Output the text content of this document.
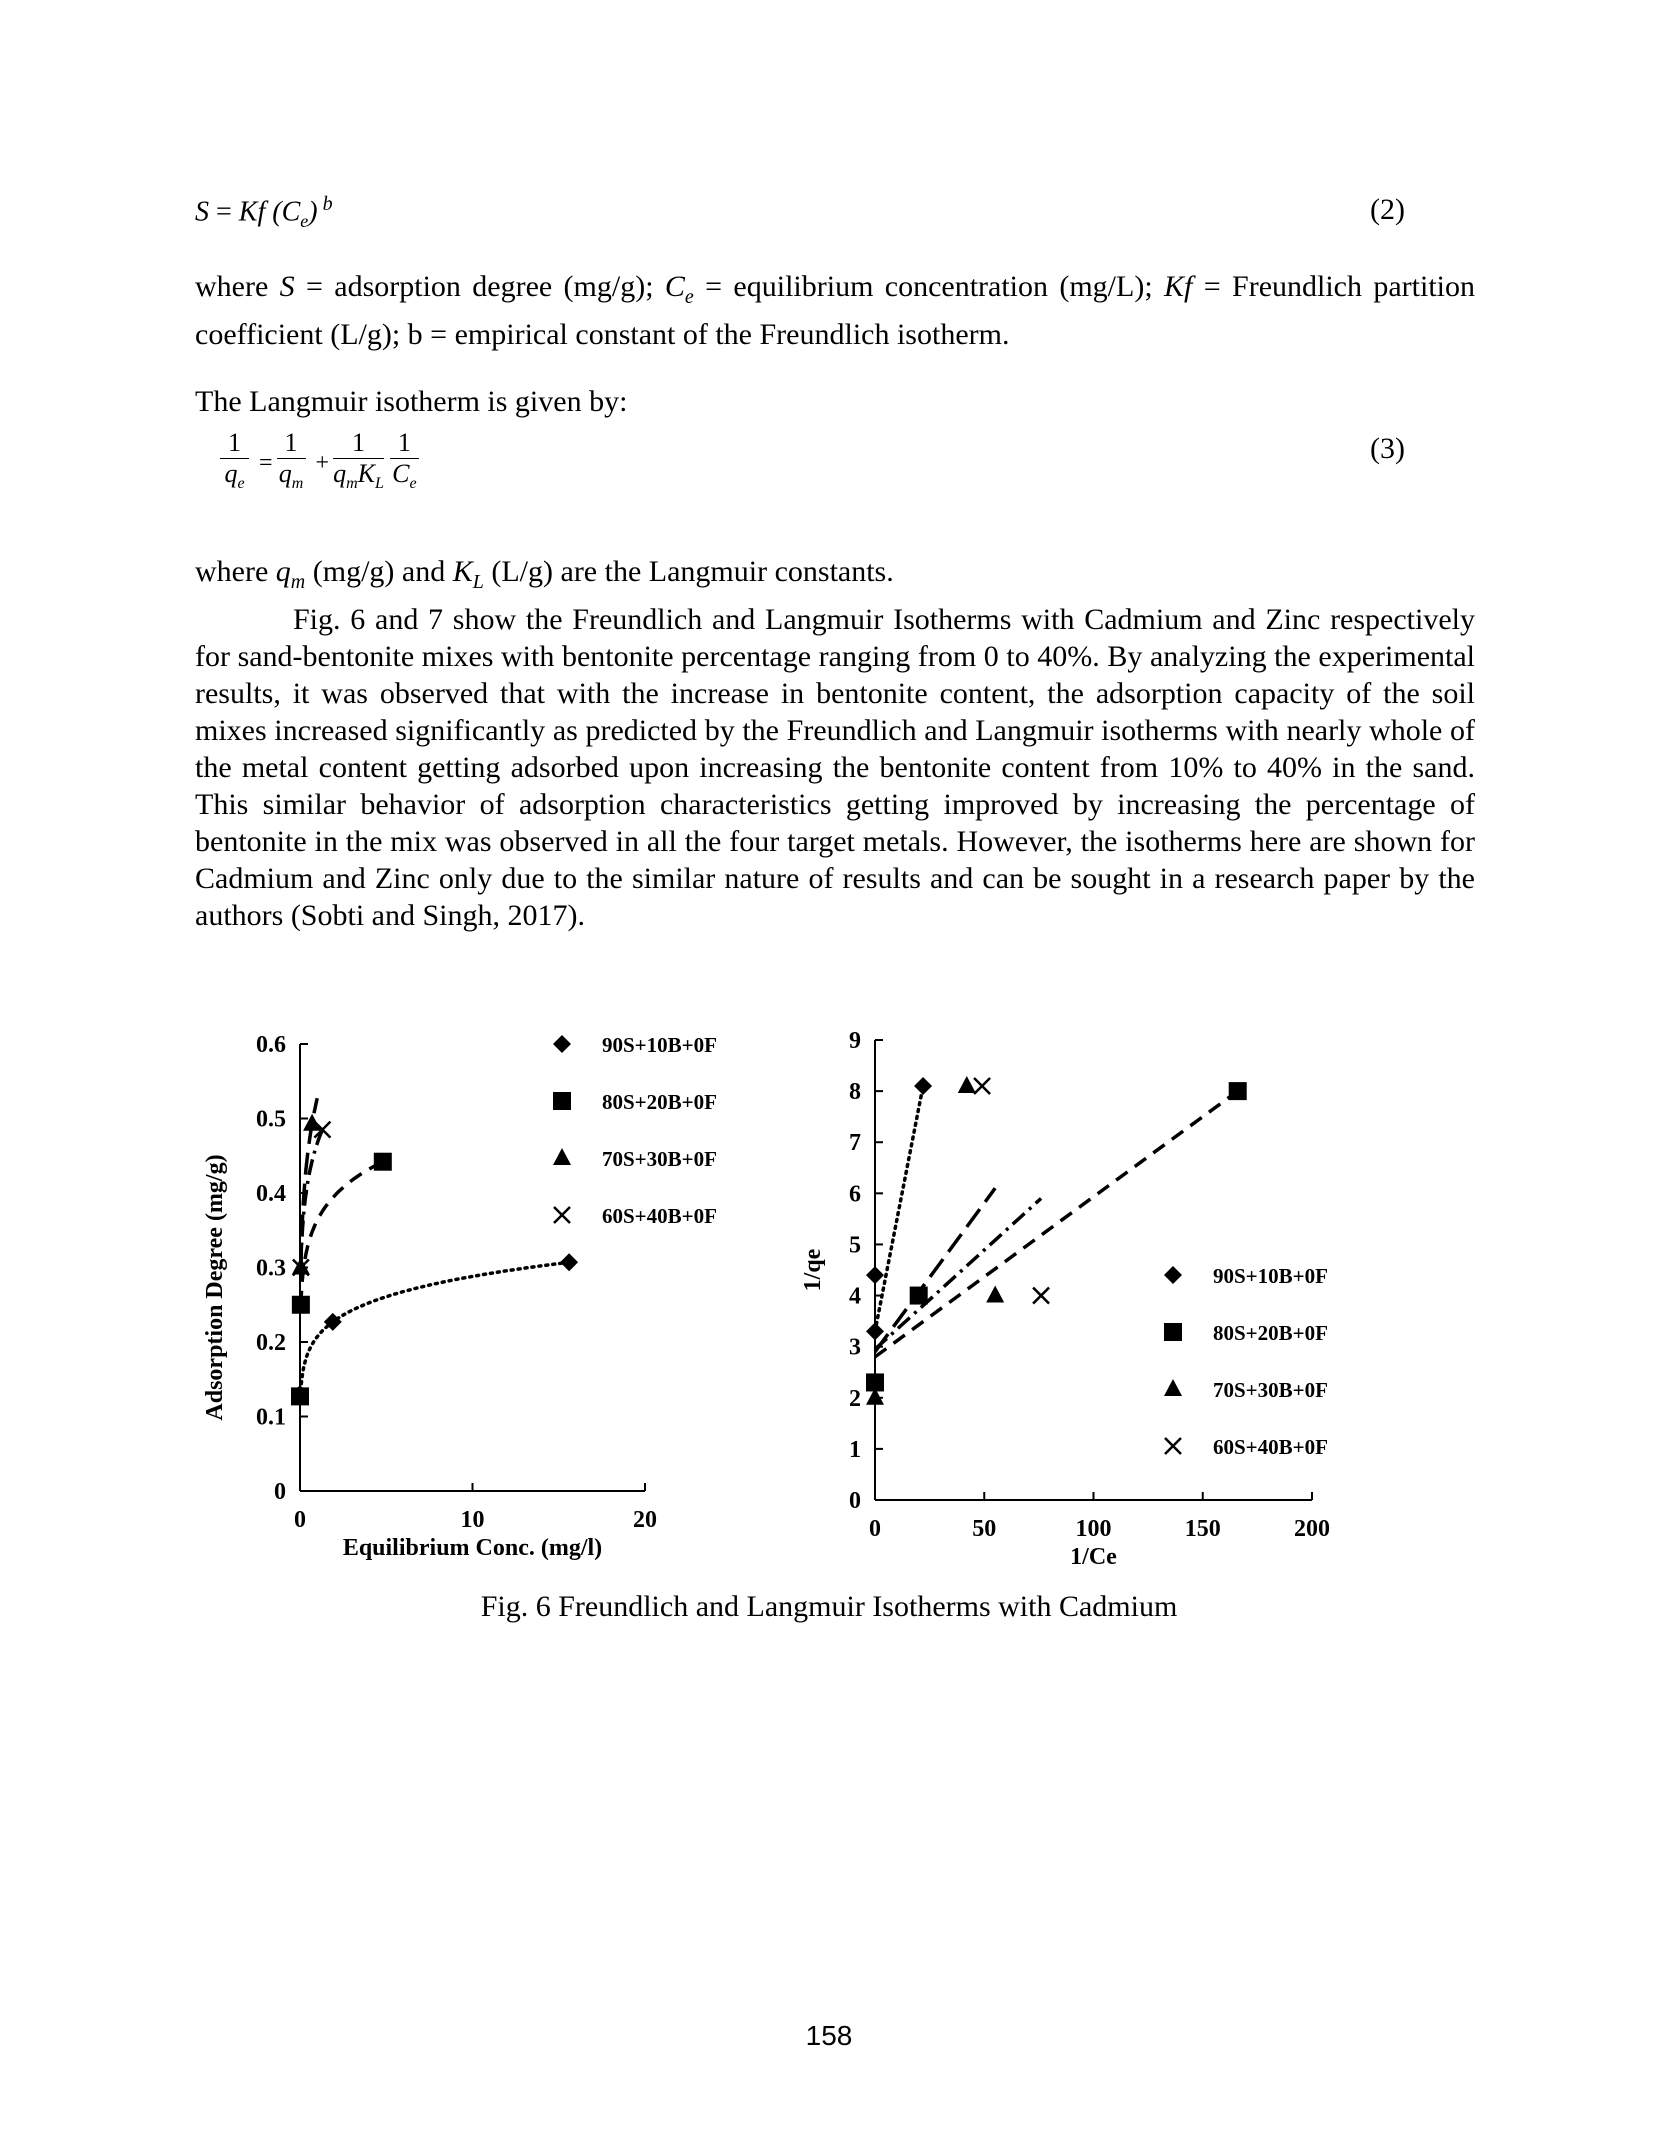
S = Kf $(C_e)$ $^b$	(2)

where S = adsorption degree (mg/g); $C_e$ = equilibrium concentration (mg/L); Kf = Freundlich partition coefficient (L/g); b = empirical constant of the Freundlich isotherm.

The Langmuir isotherm is given by:
$\frac{1}{q_e} = \frac{1}{q_m} + \frac{1}{q_mK_L} \frac{1}{C_e}$	(3)

where $q_m$ (mg/g) and $K_L$ (L/g) are the Langmuir constants.

Fig. 6 and 7 show the Freundlich and Langmuir Isotherms with Cadmium and Zinc respectively for sand-bentonite mixes with bentonite percentage ranging from 0 to 40%. By analyzing the experimental results, it was observed that with the increase in bentonite content, the adsorption capacity of the soil mixes increased significantly as predicted by the Freundlich and Langmuir isotherms with nearly whole of the metal content getting adsorbed upon increasing the bentonite content from 10% to 40% in the sand. This similar behavior of adsorption characteristics getting improved by increasing the percentage of bentonite in the mix was observed in all the four target metals. However, the isotherms here are shown for Cadmium and Zinc only due to the similar nature of results and can be sought in a research paper by the authors (Sobti and Singh, 2017).

0
0.1
0.2
0.3
0.4
0.5
0.6
0	10	20
Equilibrium Conc. (mg/l)
Adsorption Degree (mg/g)
90S+10B+0F
80S+20B+0F
70S+30B+0F
60S+40B+0F
0
1
2
3
4
5
6
7
8
9
0	50	100	150	200
1/Ce
1/qe	90S+10B+0F
80S+20B+0F
70S+30B+0F
60S+40B+0F
Fig. 6 Freundlich and Langmuir Isotherms with Cadmium
158
